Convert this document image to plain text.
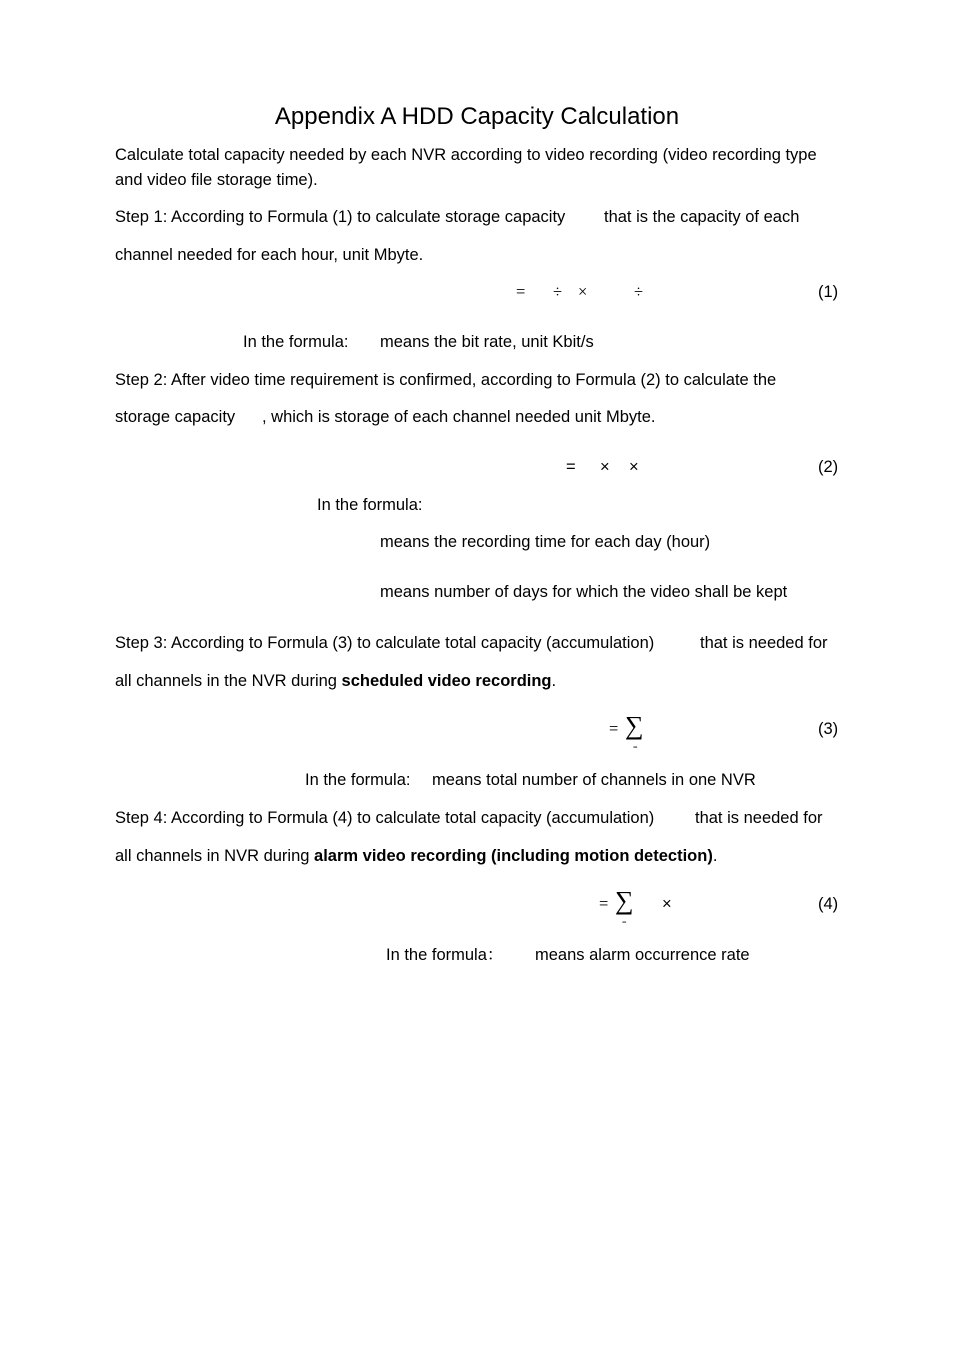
Appendix A HDD Capacity Calculation
Calculate total capacity needed by each NVR according to video recording (video recording type
and video file storage time).
Step 1: According to Formula (1) to calculate storage capacity that is the capacity of each
channel needed for each hour, unit Mbyte.
= ÷ ×	÷	(1)
In the formula: means the bit rate, unit Kbit/s
Step 2: After video time requirement is confirmed, according to Formula (2) to calculate the
storage capacity , which is storage of each channel needed unit Mbyte.
= × ×	(2)
In the formula:
means the recording time for each day (hour)
means number of days for which the video shall be kept
Step 3: According to Formula (3) to calculate total capacity (accumulation)	that is needed for
all channels in the NVR during scheduled video recording.
= ∑
=
(3)
In the formula: means total number of channels in one NVR
Step 4: According to Formula (4) to calculate total capacity (accumulation) that is needed for
all channels in NVR during alarm video recording (including motion detection).
= ∑
=
×	(4)
In the formula： means alarm occurrence rate
